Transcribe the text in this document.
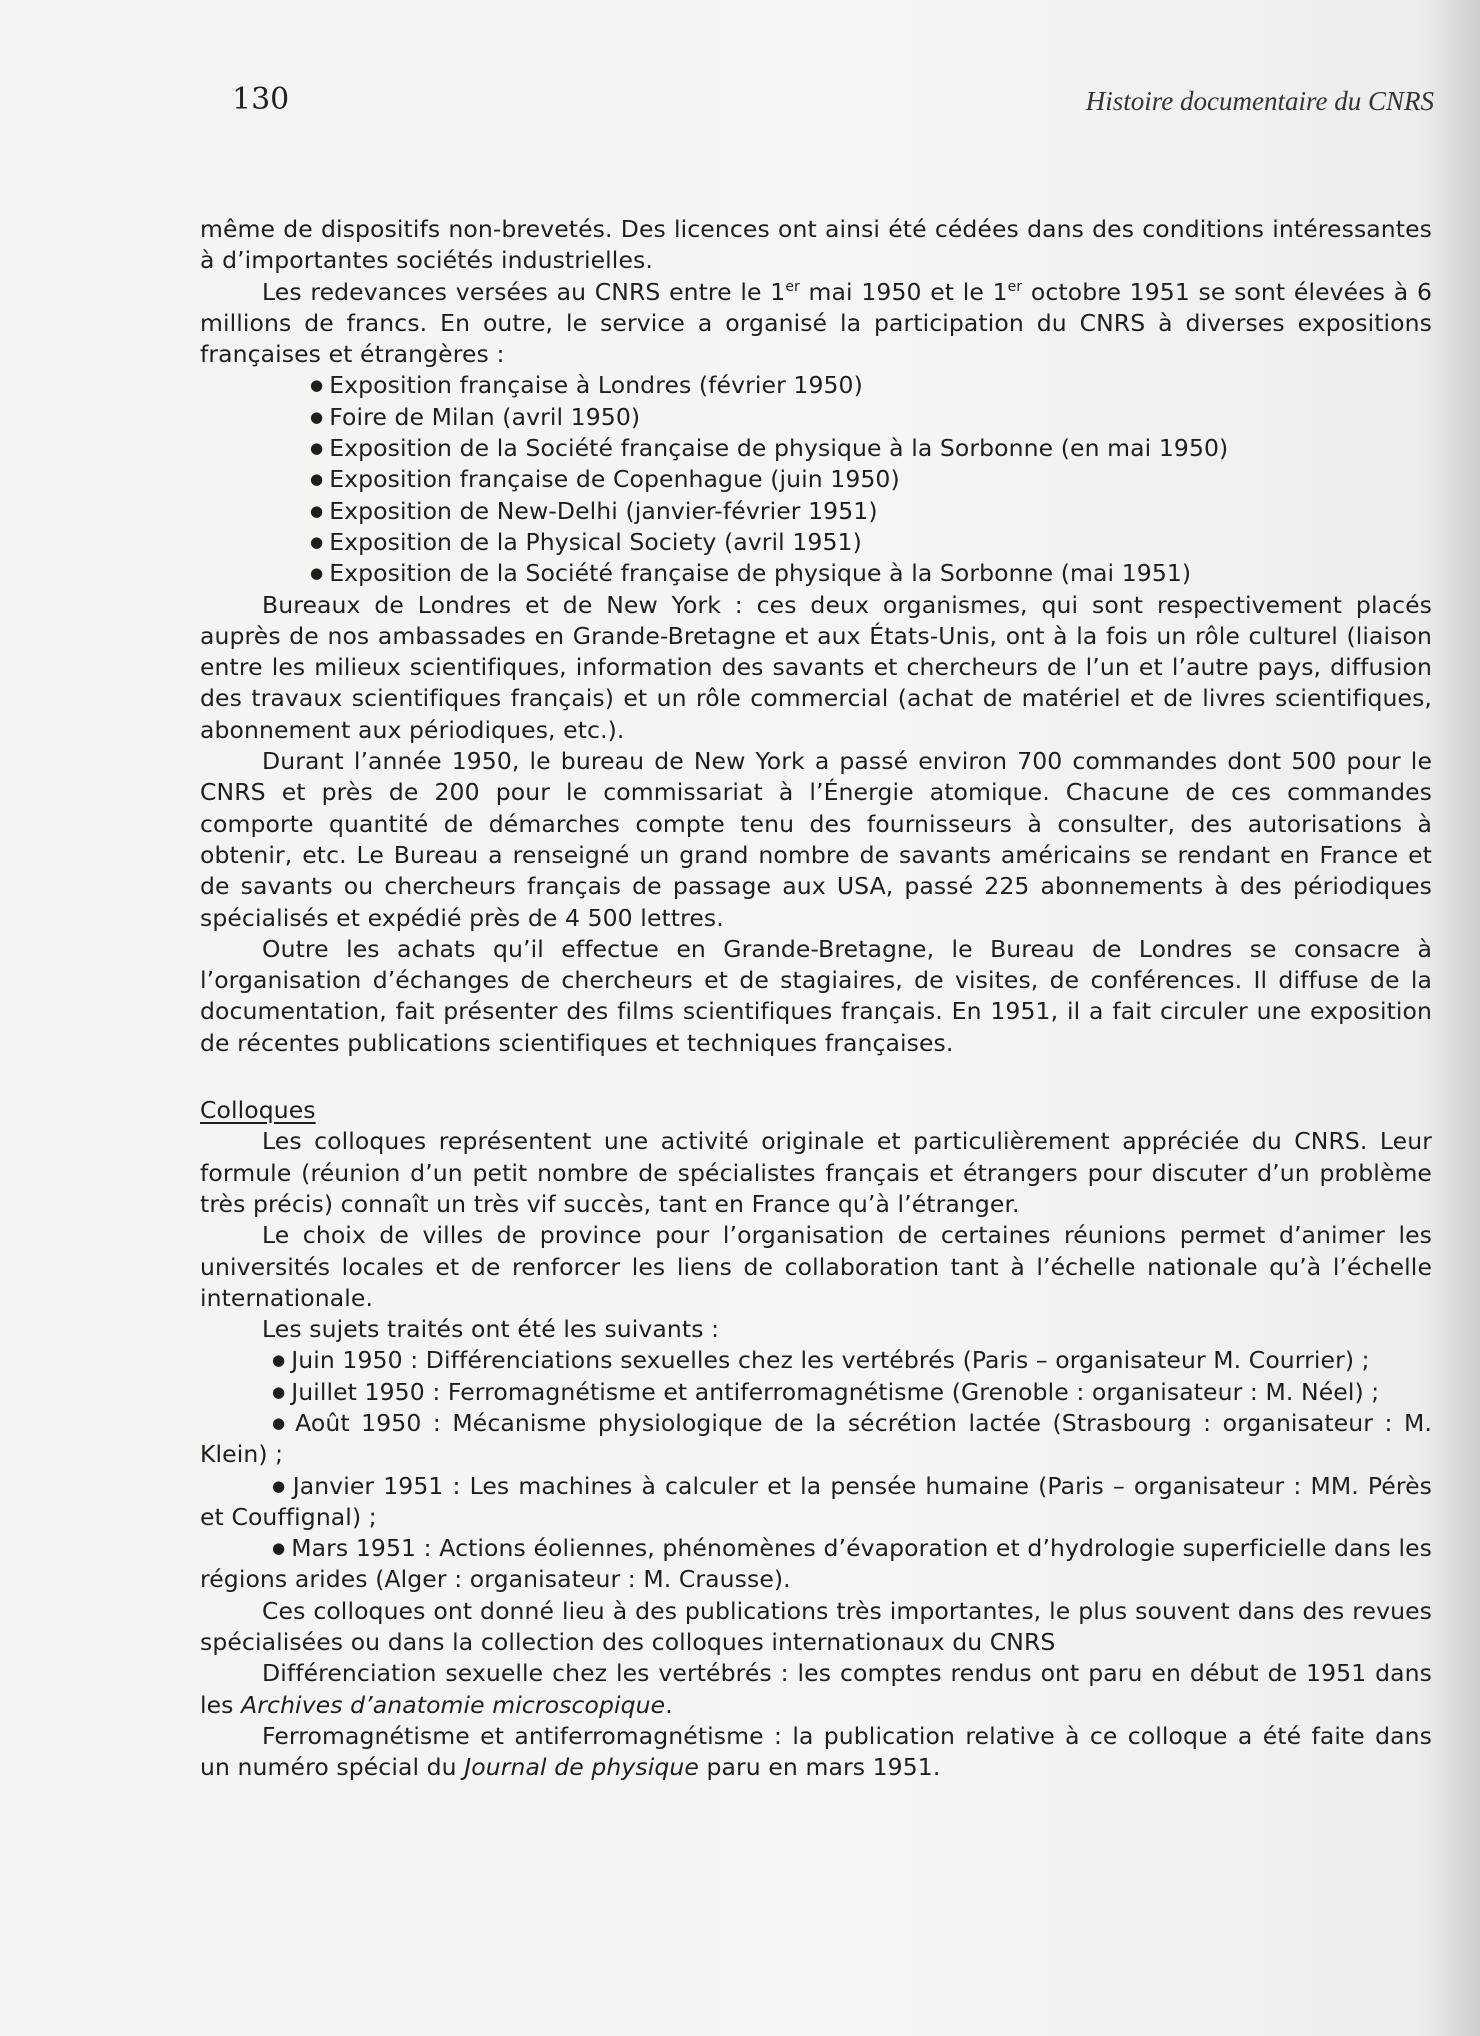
130	Histoire documentaire du CNRS

même de dispositifs non-brevetés. Des licences ont ainsi été cédées dans des conditions intéressantes à d’importantes sociétés industrielles.

Les redevances versées au CNRS entre le 1er mai 1950 et le 1er octobre 1951 se sont élevées à 6 millions de francs. En outre, le service a organisé la participation du CNRS à diverses expositions françaises et étrangères :

● Exposition française à Londres (février 1950)
● Foire de Milan (avril 1950)
● Exposition de la Société française de physique à la Sorbonne (en mai 1950)
● Exposition française de Copenhague (juin 1950)
● Exposition de New-Delhi (janvier-février 1951)
● Exposition de la Physical Society (avril 1951)
● Exposition de la Société française de physique à la Sorbonne (mai 1951)

Bureaux de Londres et de New York : ces deux organismes, qui sont respectivement placés auprès de nos ambassades en Grande-Bretagne et aux États-Unis, ont à la fois un rôle culturel (liaison entre les milieux scientifiques, information des savants et chercheurs de l’un et l’autre pays, diffusion des travaux scientifiques français) et un rôle commercial (achat de matériel et de livres scientifiques, abonnement aux périodiques, etc.).

Durant l’année 1950, le bureau de New York a passé environ 700 commandes dont 500 pour le CNRS et près de 200 pour le commissariat à l’Énergie atomique. Chacune de ces commandes comporte quantité de démarches compte tenu des fournisseurs à consulter, des autorisations à obtenir, etc. Le Bureau a renseigné un grand nombre de savants américains se rendant en France et de savants ou chercheurs français de passage aux USA, passé 225 abonnements à des périodiques spécialisés et expédié près de 4 500 lettres.

Outre les achats qu’il effectue en Grande-Bretagne, le Bureau de Londres se consacre à l’organisation d’échanges de chercheurs et de stagiaires, de visites, de conférences. Il diffuse de la documentation, fait présenter des films scientifiques français. En 1951, il a fait circuler une exposition de récentes publications scientifiques et techniques françaises.

Colloques

Les colloques représentent une activité originale et particulièrement appréciée du CNRS. Leur formule (réunion d’un petit nombre de spécialistes français et étrangers pour discuter d’un problème très précis) connaît un très vif succès, tant en France qu’à l’étranger.

Le choix de villes de province pour l’organisation de certaines réunions permet d’animer les universités locales et de renforcer les liens de collaboration tant à l’échelle nationale qu’à l’échelle internationale.

Les sujets traités ont été les suivants :

● Juin 1950 : Différenciations sexuelles chez les vertébrés (Paris – organisateur M. Courrier) ;

● Juillet 1950 : Ferromagnétisme et antiferromagnétisme (Grenoble : organisateur : M. Néel) ;

● Août 1950 : Mécanisme physiologique de la sécrétion lactée (Strasbourg : organisateur : M. Klein) ;

● Janvier 1951 : Les machines à calculer et la pensée humaine (Paris – organisateur : MM. Pérès et Couffignal) ;

● Mars 1951 : Actions éoliennes, phénomènes d’évaporation et d’hydrologie superficielle dans les régions arides (Alger : organisateur : M. Crausse).

Ces colloques ont donné lieu à des publications très importantes, le plus souvent dans des revues spécialisées ou dans la collection des colloques internationaux du CNRS

Différenciation sexuelle chez les vertébrés : les comptes rendus ont paru en début de 1951 dans les Archives d’anatomie microscopique.

Ferromagnétisme et antiferromagnétisme : la publication relative à ce colloque a été faite dans un numéro spécial du Journal de physique paru en mars 1951.
